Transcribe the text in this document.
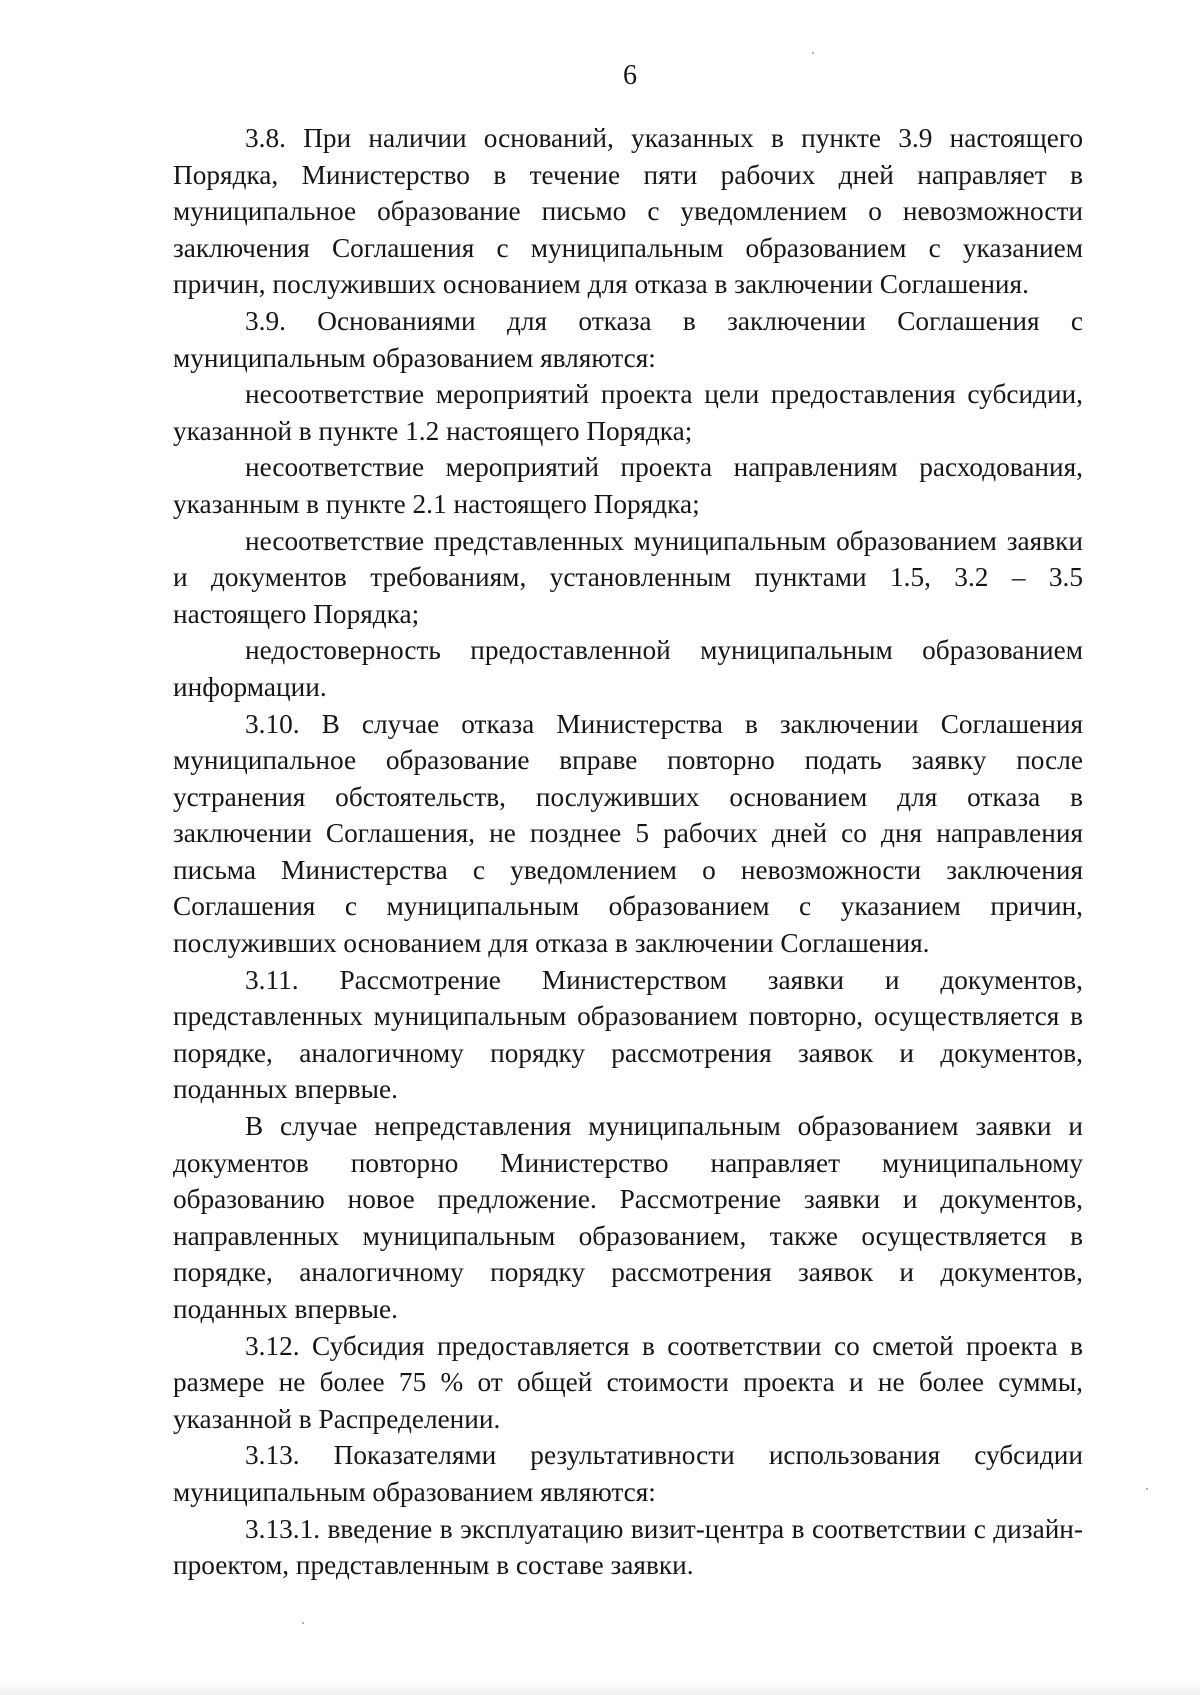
6

3.8. При наличии оснований, указанных в пункте 3.9 настоящего Порядка, Министерство в течение пяти рабочих дней направляет в муниципальное образование письмо с уведомлением о невозможности заключения Соглашения с муниципальным образованием с указанием причин, послуживших основанием для отказа в заключении Соглашения.

3.9. Основаниями для отказа в заключении Соглашения с муниципальным образованием являются:

несоответствие мероприятий проекта цели предоставления субсидии, указанной в пункте 1.2 настоящего Порядка;

несоответствие мероприятий проекта направлениям расходования, указанным в пункте 2.1 настоящего Порядка;

несоответствие представленных муниципальным образованием заявки и документов требованиям, установленным пунктами 1.5, 3.2 – 3.5 настоящего Порядка;

недостоверность предоставленной муниципальным образованием информации.

3.10. В случае отказа Министерства в заключении Соглашения муниципальное образование вправе повторно подать заявку после устранения обстоятельств, послуживших основанием для отказа в заключении Соглашения, не позднее 5 рабочих дней со дня направления письма Министерства с уведомлением о невозможности заключения Соглашения с муниципальным образованием с указанием причин, послуживших основанием для отказа в заключении Соглашения.

3.11. Рассмотрение Министерством заявки и документов, представленных муниципальным образованием повторно, осуществляется в порядке, аналогичному порядку рассмотрения заявок и документов, поданных впервые.

В случае непредставления муниципальным образованием заявки и документов повторно Министерство направляет муниципальному образованию новое предложение. Рассмотрение заявки и документов, направленных муниципальным образованием, также осуществляется в порядке, аналогичному порядку рассмотрения заявок и документов, поданных впервые.

3.12. Субсидия предоставляется в соответствии со сметой проекта в размере не более 75 % от общей стоимости проекта и не более суммы, указанной в Распределении.

3.13. Показателями результативности использования субсидии муниципальным образованием являются:

3.13.1. введение в эксплуатацию визит-центра в соответствии с дизайн-проектом, представленным в составе заявки.
